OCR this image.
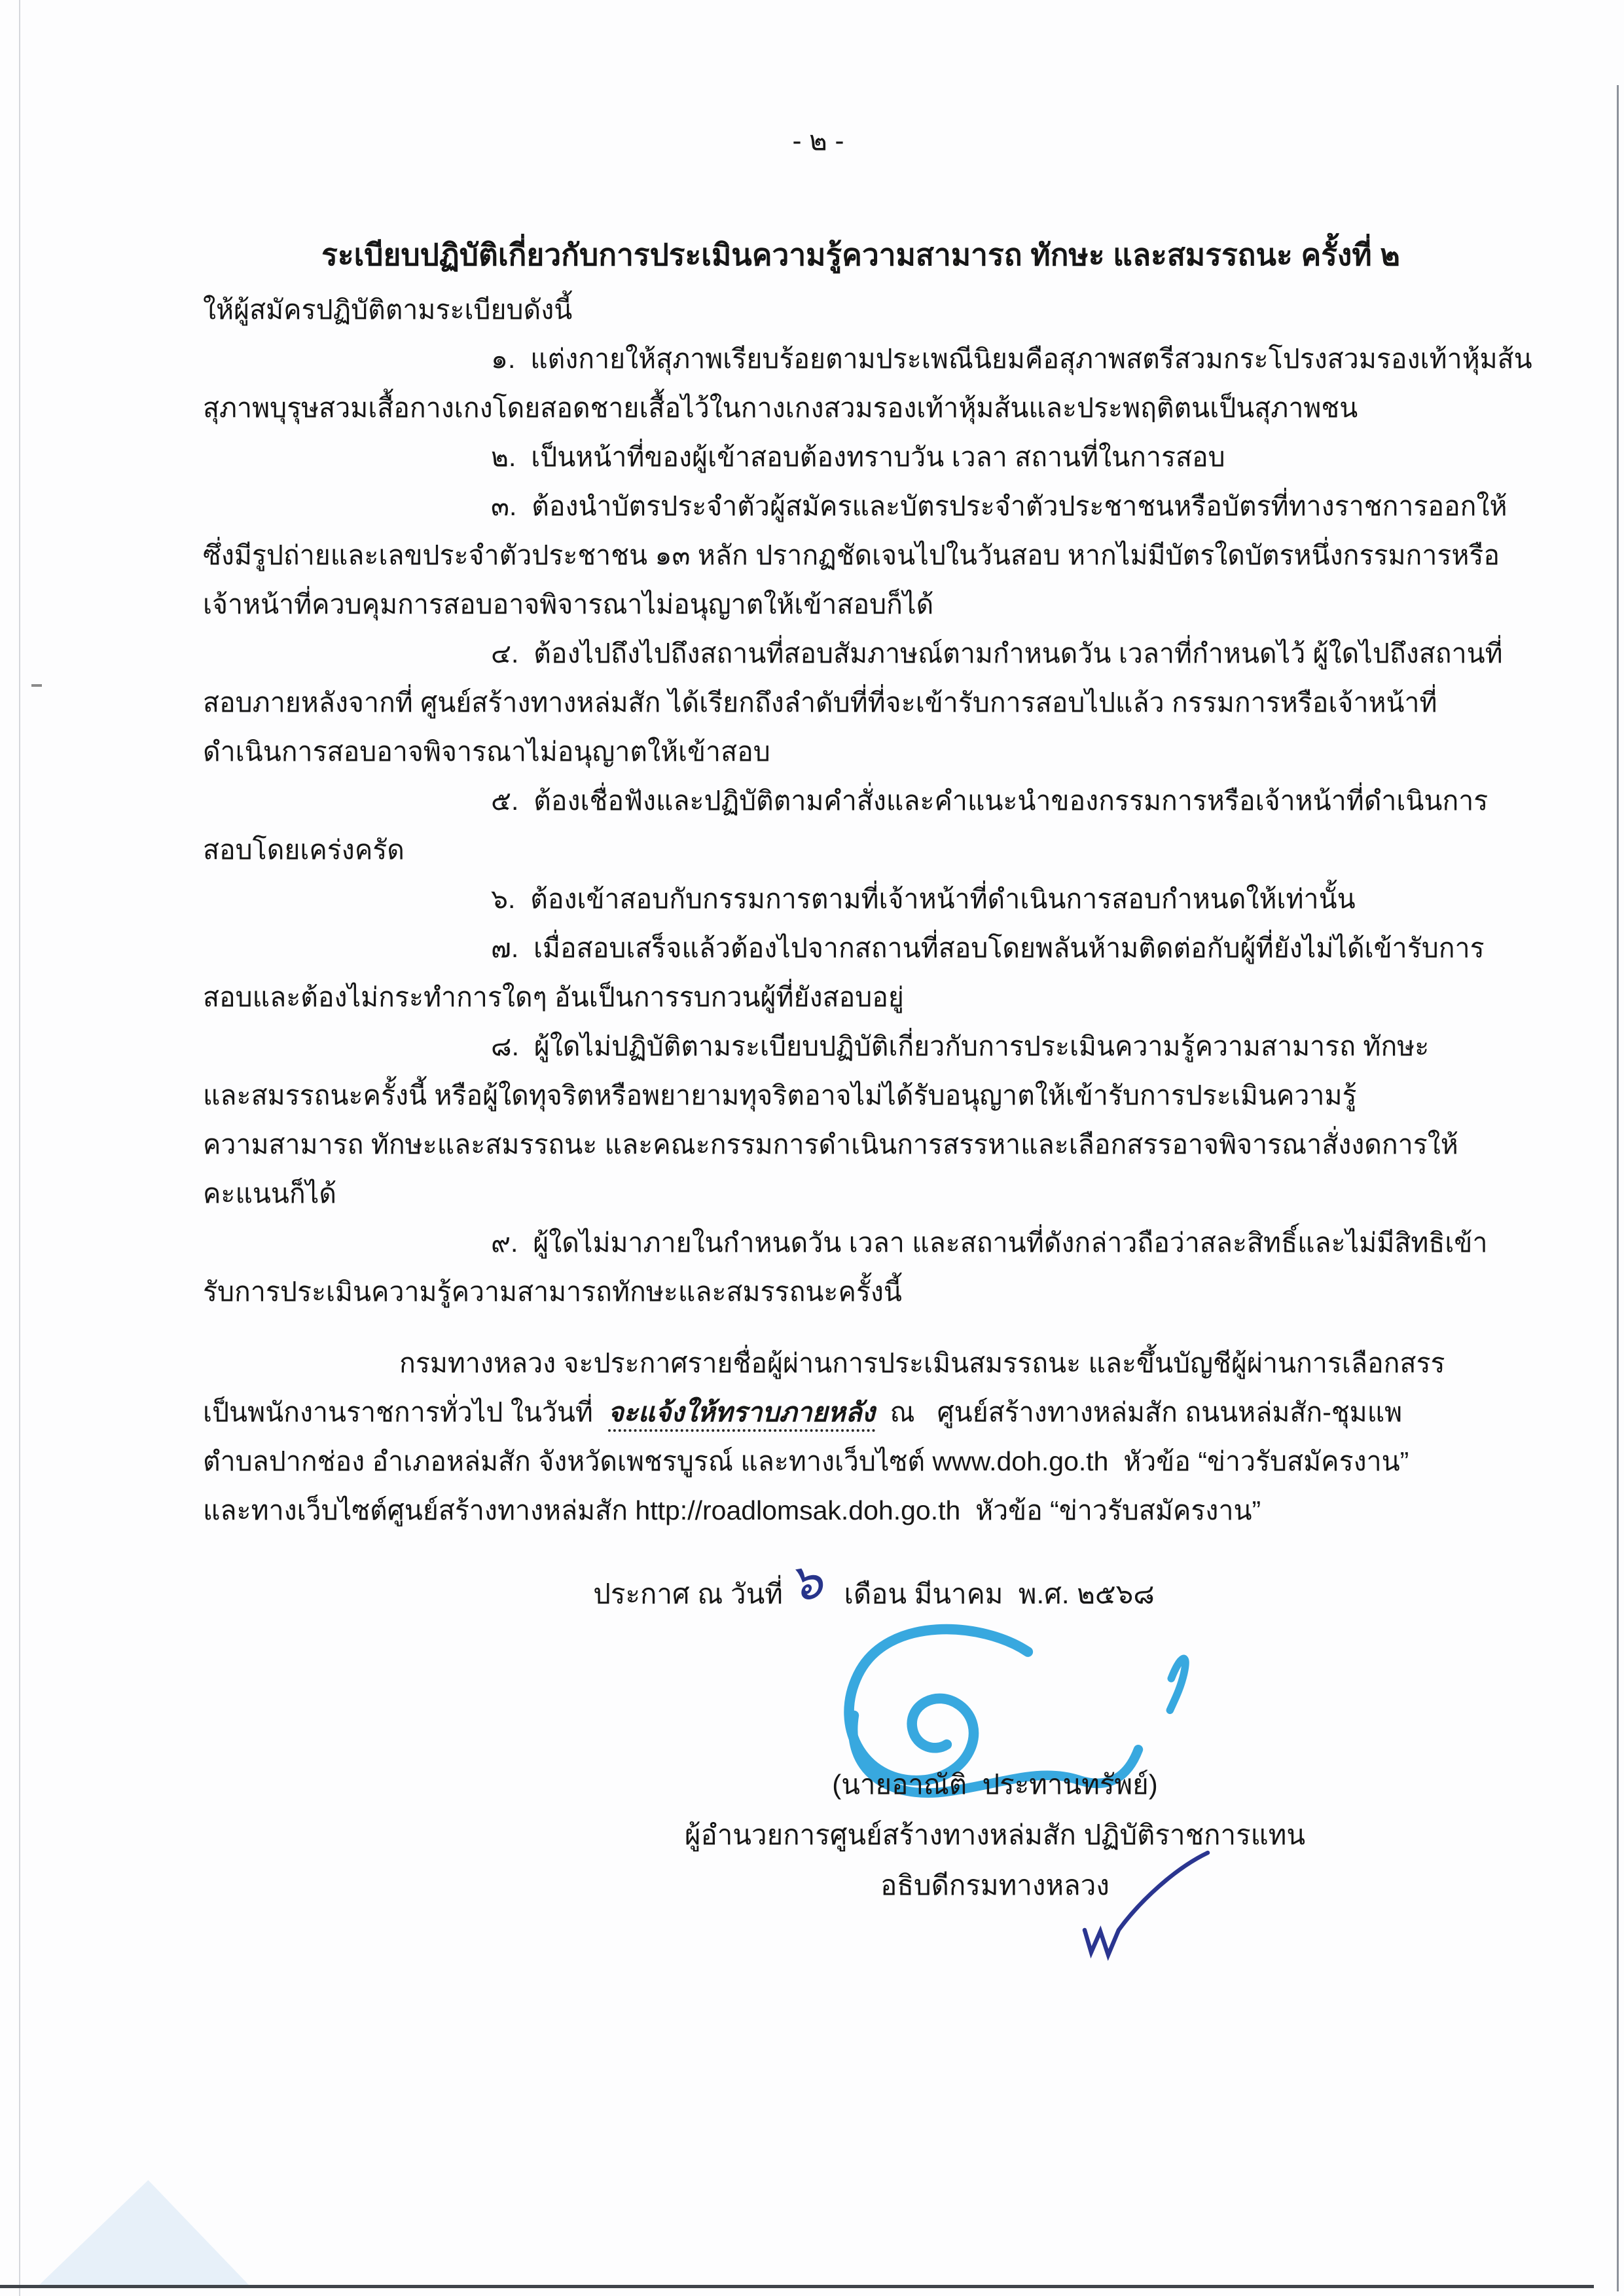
- ๒ -
ระเบียบปฏิบัติเกี่ยวกับการประเมินความรู้ความสามารถ ทักษะ และสมรรถนะ ครั้งที่ ๒
ให้ผู้สมัครปฏิบัติตามระเบียบดังนี้
๑.  แต่งกายให้สุภาพเรียบร้อยตามประเพณีนิยมคือสุภาพสตรีสวมกระโปรงสวมรองเท้าหุ้มส้น
สุภาพบุรุษสวมเสื้อกางเกงโดยสอดชายเสื้อไว้ในกางเกงสวมรองเท้าหุ้มส้นและประพฤติตนเป็นสุภาพชน
๒.  เป็นหน้าที่ของผู้เข้าสอบต้องทราบวัน เวลา สถานที่ในการสอบ
๓.  ต้องนำบัตรประจำตัวผู้สมัครและบัตรประจำตัวประชาชนหรือบัตรที่ทางราชการออกให้
ซึ่งมีรูปถ่ายและเลขประจำตัวประชาชน ๑๓ หลัก ปรากฏชัดเจนไปในวันสอบ หากไม่มีบัตรใดบัตรหนึ่งกรรมการหรือ
เจ้าหน้าที่ควบคุมการสอบอาจพิจารณาไม่อนุญาตให้เข้าสอบก็ได้
๔.  ต้องไปถึงไปถึงสถานที่สอบสัมภาษณ์ตามกำหนดวัน เวลาที่กำหนดไว้ ผู้ใดไปถึงสถานที่
สอบภายหลังจากที่ ศูนย์สร้างทางหล่มสัก ได้เรียกถึงลำดับที่ที่จะเข้ารับการสอบไปแล้ว กรรมการหรือเจ้าหน้าที่
ดำเนินการสอบอาจพิจารณาไม่อนุญาตให้เข้าสอบ
๕.  ต้องเชื่อฟังและปฏิบัติตามคำสั่งและคำแนะนำของกรรมการหรือเจ้าหน้าที่ดำเนินการ
สอบโดยเคร่งครัด
๖.  ต้องเข้าสอบกับกรรมการตามที่เจ้าหน้าที่ดำเนินการสอบกำหนดให้เท่านั้น
๗.  เมื่อสอบเสร็จแล้วต้องไปจากสถานที่สอบโดยพลันห้ามติดต่อกับผู้ที่ยังไม่ได้เข้ารับการ
สอบและต้องไม่กระทำการใดๆ อันเป็นการรบกวนผู้ที่ยังสอบอยู่
๘.  ผู้ใดไม่ปฏิบัติตามระเบียบปฏิบัติเกี่ยวกับการประเมินความรู้ความสามารถ ทักษะ
และสมรรถนะครั้งนี้ หรือผู้ใดทุจริตหรือพยายามทุจริตอาจไม่ได้รับอนุญาตให้เข้ารับการประเมินความรู้
ความสามารถ ทักษะและสมรรถนะ และคณะกรรมการดำเนินการสรรหาและเลือกสรรอาจพิจารณาสั่งงดการให้
คะแนนก็ได้
๙.  ผู้ใดไม่มาภายในกำหนดวัน เวลา และสถานที่ดังกล่าวถือว่าสละสิทธิ์และไม่มีสิทธิเข้า
รับการประเมินความรู้ความสามารถทักษะและสมรรถนะครั้งนี้
กรมทางหลวง จะประกาศรายชื่อผู้ผ่านการประเมินสมรรถนะ และขึ้นบัญชีผู้ผ่านการเลือกสรร
เป็นพนักงานราชการทั่วไป ในวันที่  จะแจ้งให้ทราบภายหลัง  ณ   ศูนย์สร้างทางหล่มสัก ถนนหล่มสัก-ชุมแพ
ตำบลปากช่อง อำเภอหล่มสัก จังหวัดเพชรบูรณ์ และทางเว็บไซต์ www.doh.go.th  หัวข้อ “ข่าวรับสมัครงาน”
และทางเว็บไซต์ศูนย์สร้างทางหล่มสัก http://roadlomsak.doh.go.th  หัวข้อ “ข่าวรับสมัครงาน”
ประกาศ ณ วันที่๖ เดือน มีนาคม  พ.ศ. ๒๕๖๘
(นายอาณัติ  ประทานทรัพย์)
ผู้อำนวยการศูนย์สร้างทางหล่มสัก ปฏิบัติราชการแทน
อธิบดีกรมทางหลวง
